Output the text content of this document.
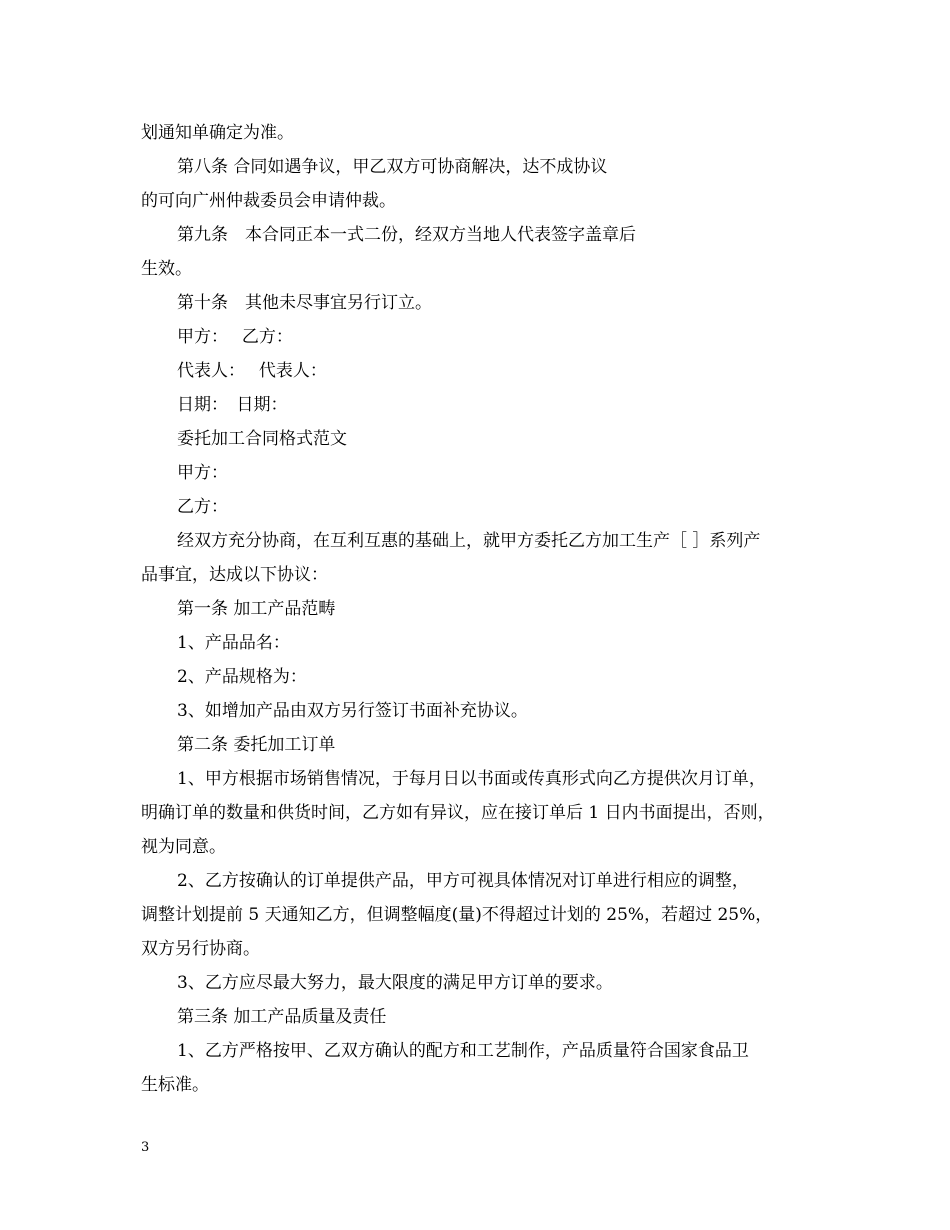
划通知单确定为准。
第八条 合同如遇争议，甲乙双方可协商解决，达不成协议
的可向广州仲裁委员会申请仲裁。
第九条　本合同正本一式二份，经双方当地人代表签字盖章后
生效。
第十条　其他未尽事宜另行订立。
甲方：　 乙方：
代表人：　 代表人：
日期：　日期：
委托加工合同格式范文
甲方：
乙方：
经双方充分协商，在互利互惠的基础上，就甲方委托乙方加工生产［ ］系列产
品事宜，达成以下协议：
第一条 加工产品范畴
1、产品品名：
2、产品规格为：
3、如增加产品由双方另行签订书面补充协议。
第二条 委托加工订单
1、甲方根据市场销售情况，于每月日以书面或传真形式向乙方提供次月订单，
明确订单的数量和供货时间，乙方如有异议，应在接订单后 1 日内书面提出，否则，
视为同意。
2、乙方按确认的订单提供产品，甲方可视具体情况对订单进行相应的调整，
调整计划提前 5 天通知乙方，但调整幅度(量)不得超过计划的 25%，若超过 25%，
双方另行协商。
3、乙方应尽最大努力，最大限度的满足甲方订单的要求。
第三条 加工产品质量及责任
1、乙方严格按甲、乙双方确认的配方和工艺制作，产品质量符合国家食品卫
生标准。
3
